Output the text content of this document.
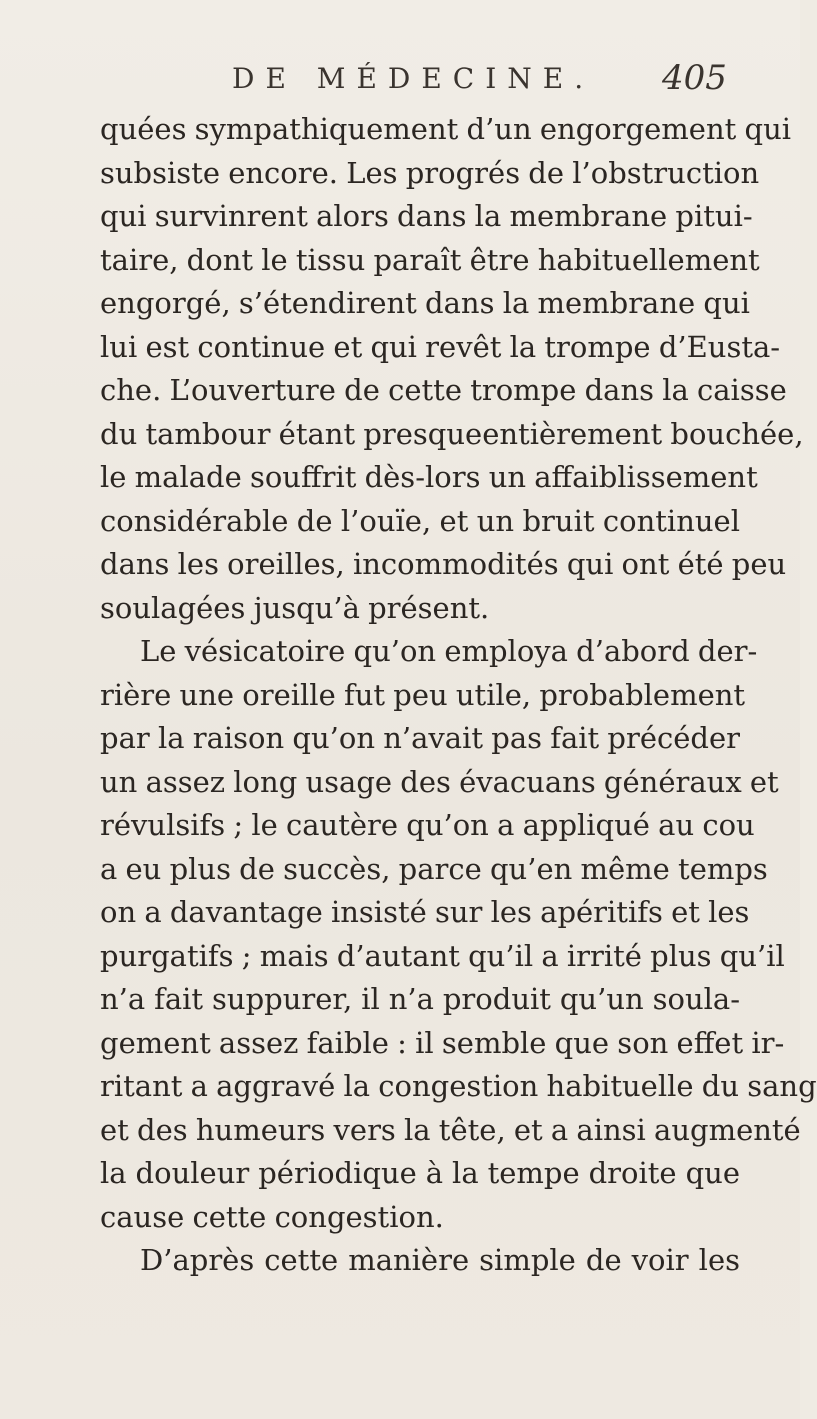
DE MÉDECINE. 405
quées sympathiquement d’un engorgement qui
subsiste encore. Les progrés de l’obstruction
qui survinrent alors dans la membrane pitui-
taire, dont le tissu paraît être habituellement
engorgé, s’étendirent dans la membrane qui
lui est continue et qui revêt la trompe d’Eusta-
che. L’ouverture de cette trompe dans la caisse
du tambour étant presqueentièrement bouchée,
le malade souffrit dès-lors un affaiblissement
considérable de l’ouïe, et un bruit continuel
dans les oreilles, incommodités qui ont été peu
soulagées jusqu’à présent.
Le vésicatoire qu’on employa d’abord der-
rière une oreille fut peu utile, probablement
par la raison qu’on n’avait pas fait précéder
un assez long usage des évacuans généraux et
révulsifs ; le cautère qu’on a appliqué au cou
a eu plus de succès, parce qu’en même temps
on a davantage insisté sur les apéritifs et les
purgatifs ; mais d’autant qu’il a irrité plus qu’il
n’a fait suppurer, il n’a produit qu’un soula-
gement assez faible : il semble que son effet ir-
ritant a aggravé la congestion habituelle du sang
et des humeurs vers la tête, et a ainsi augmenté
la douleur périodique à la tempe droite que
cause cette congestion.
D’après cette manière simple de voir les
